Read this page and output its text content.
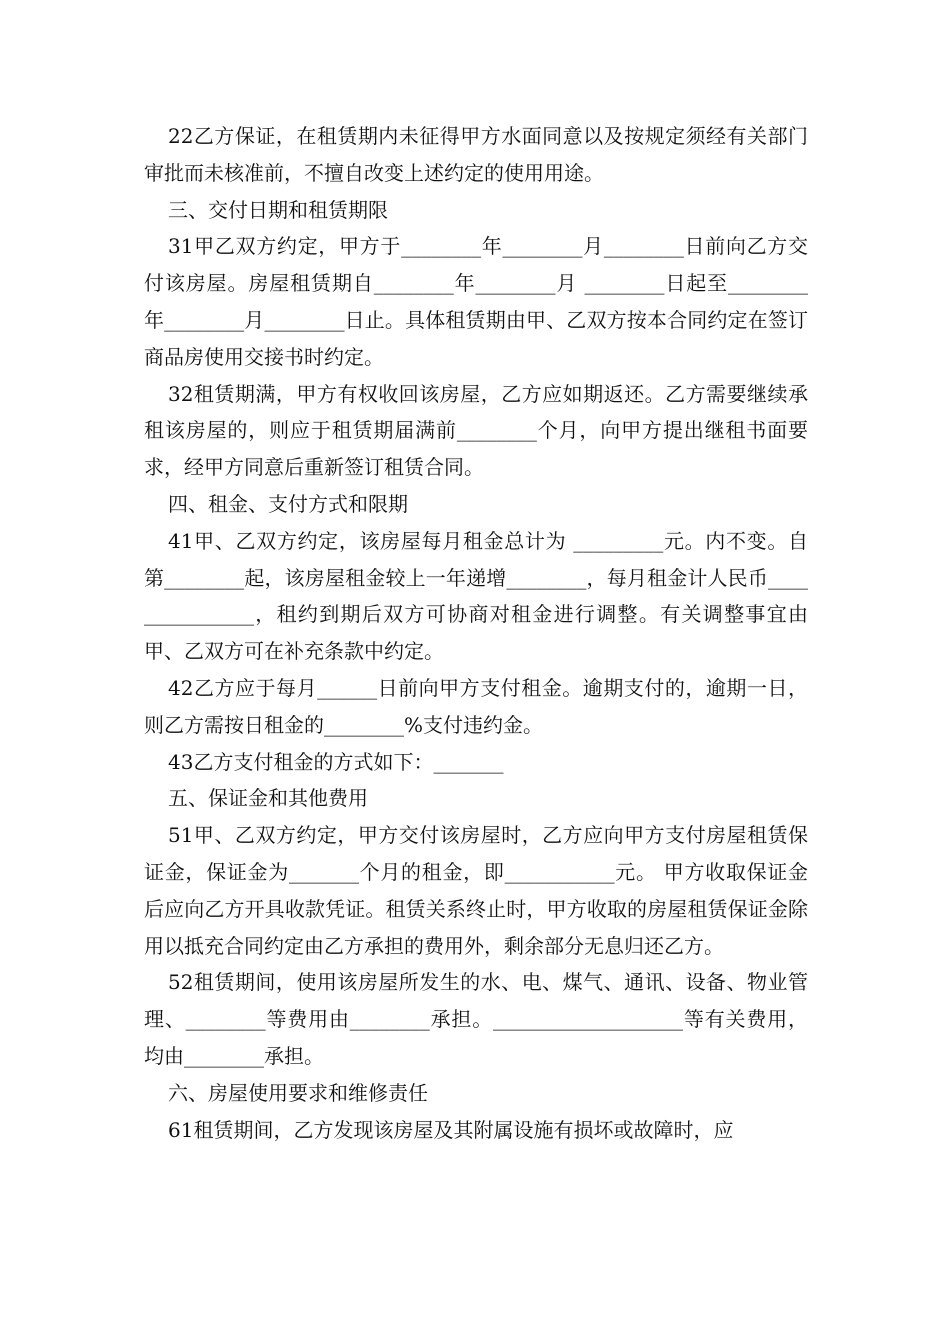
22乙方保证，在租赁期内未征得甲方水面同意以及按规定须经有关部门审批而未核准前，不擅自改变上述约定的使用用途。

三、交付日期和租赁期限

31甲乙双方约定，甲方于________年________月________日前向乙方交付该房屋。房屋租赁期自________年________月 ________日起至________年________月________日止。具体租赁期由甲、乙双方按本合同约定在签订商品房使用交接书时约定。

32租赁期满，甲方有权收回该房屋，乙方应如期返还。乙方需要继续承租该房屋的，则应于租赁期届满前________个月，向甲方提出继租书面要求，经甲方同意后重新签订租赁合同。

四、租金、支付方式和限期

41甲、乙双方约定，该房屋每月租金总计为 _________元。内不变。自第________起，该房屋租金较上一年递增________，每月租金计人民币_______________，租约到期后双方可协商对租金进行调整。有关调整事宜由甲、乙双方可在补充条款中约定。

42乙方应于每月______日前向甲方支付租金。逾期支付的，逾期一日，则乙方需按日租金的________%支付违约金。

43乙方支付租金的方式如下：_______

五、保证金和其他费用

51甲、乙双方约定，甲方交付该房屋时，乙方应向甲方支付房屋租赁保证金，保证金为_______个月的租金，即___________元。 甲方收取保证金后应向乙方开具收款凭证。租赁关系终止时，甲方收取的房屋租赁保证金除用以抵充合同约定由乙方承担的费用外，剩余部分无息归还乙方。

52租赁期间，使用该房屋所发生的水、电、煤气、通讯、设备、物业管理、________等费用由________承担。___________________等有关费用，均由________承担。

六、房屋使用要求和维修责任

61租赁期间，乙方发现该房屋及其附属设施有损坏或故障时，应
